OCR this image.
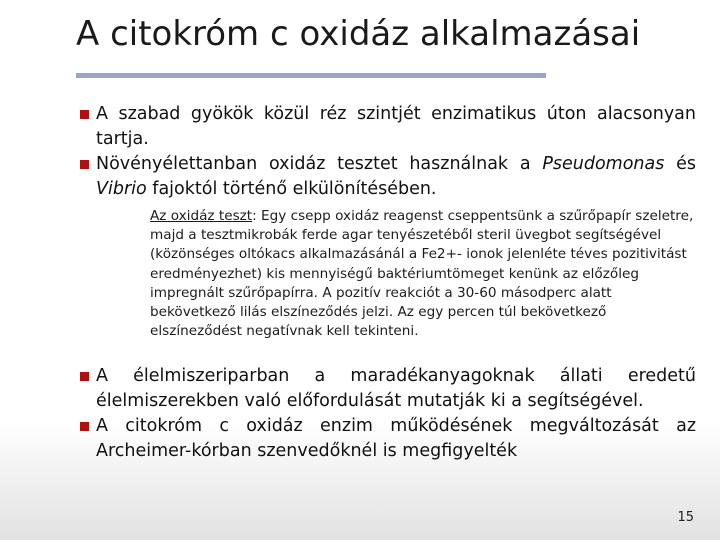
A citokróm c oxidáz alkalmazásai
A szabad gyökök közül réz szintjét enzimatikus úton alacsonyan tartja.
Növényélettanban oxidáz tesztet használnak a Pseudomonas és Vibrio fajoktól történő elkülönítésében.
Az oxidáz teszt: Egy csepp oxidáz reagenst cseppentsünk a szűrőpapír szeletre, majd a tesztmikrobák ferde agar tenyészetéből steril üvegbot segítségével (közönséges oltókacs alkalmazásánál a Fe2+- ionok jelenléte téves pozitivitást eredményezhet) kis mennyiségű baktériumtömeget kenünk az előzőleg impregnált szűrőpapírra. A pozitív reakciót a 30-60 másodperc alatt bekövetkező lilás elszíneződés jelzi. Az egy percen túl bekövetkező elszíneződést negatívnak kell tekinteni.
A élelmiszeriparban a maradékanyagoknak állati eredetű élelmiszerekben való előfordulását mutatják ki a segítségével.
A citokróm c oxidáz enzim működésének megváltozását az Archeimer-kórban szenvedőknél is megfigyelték
15
